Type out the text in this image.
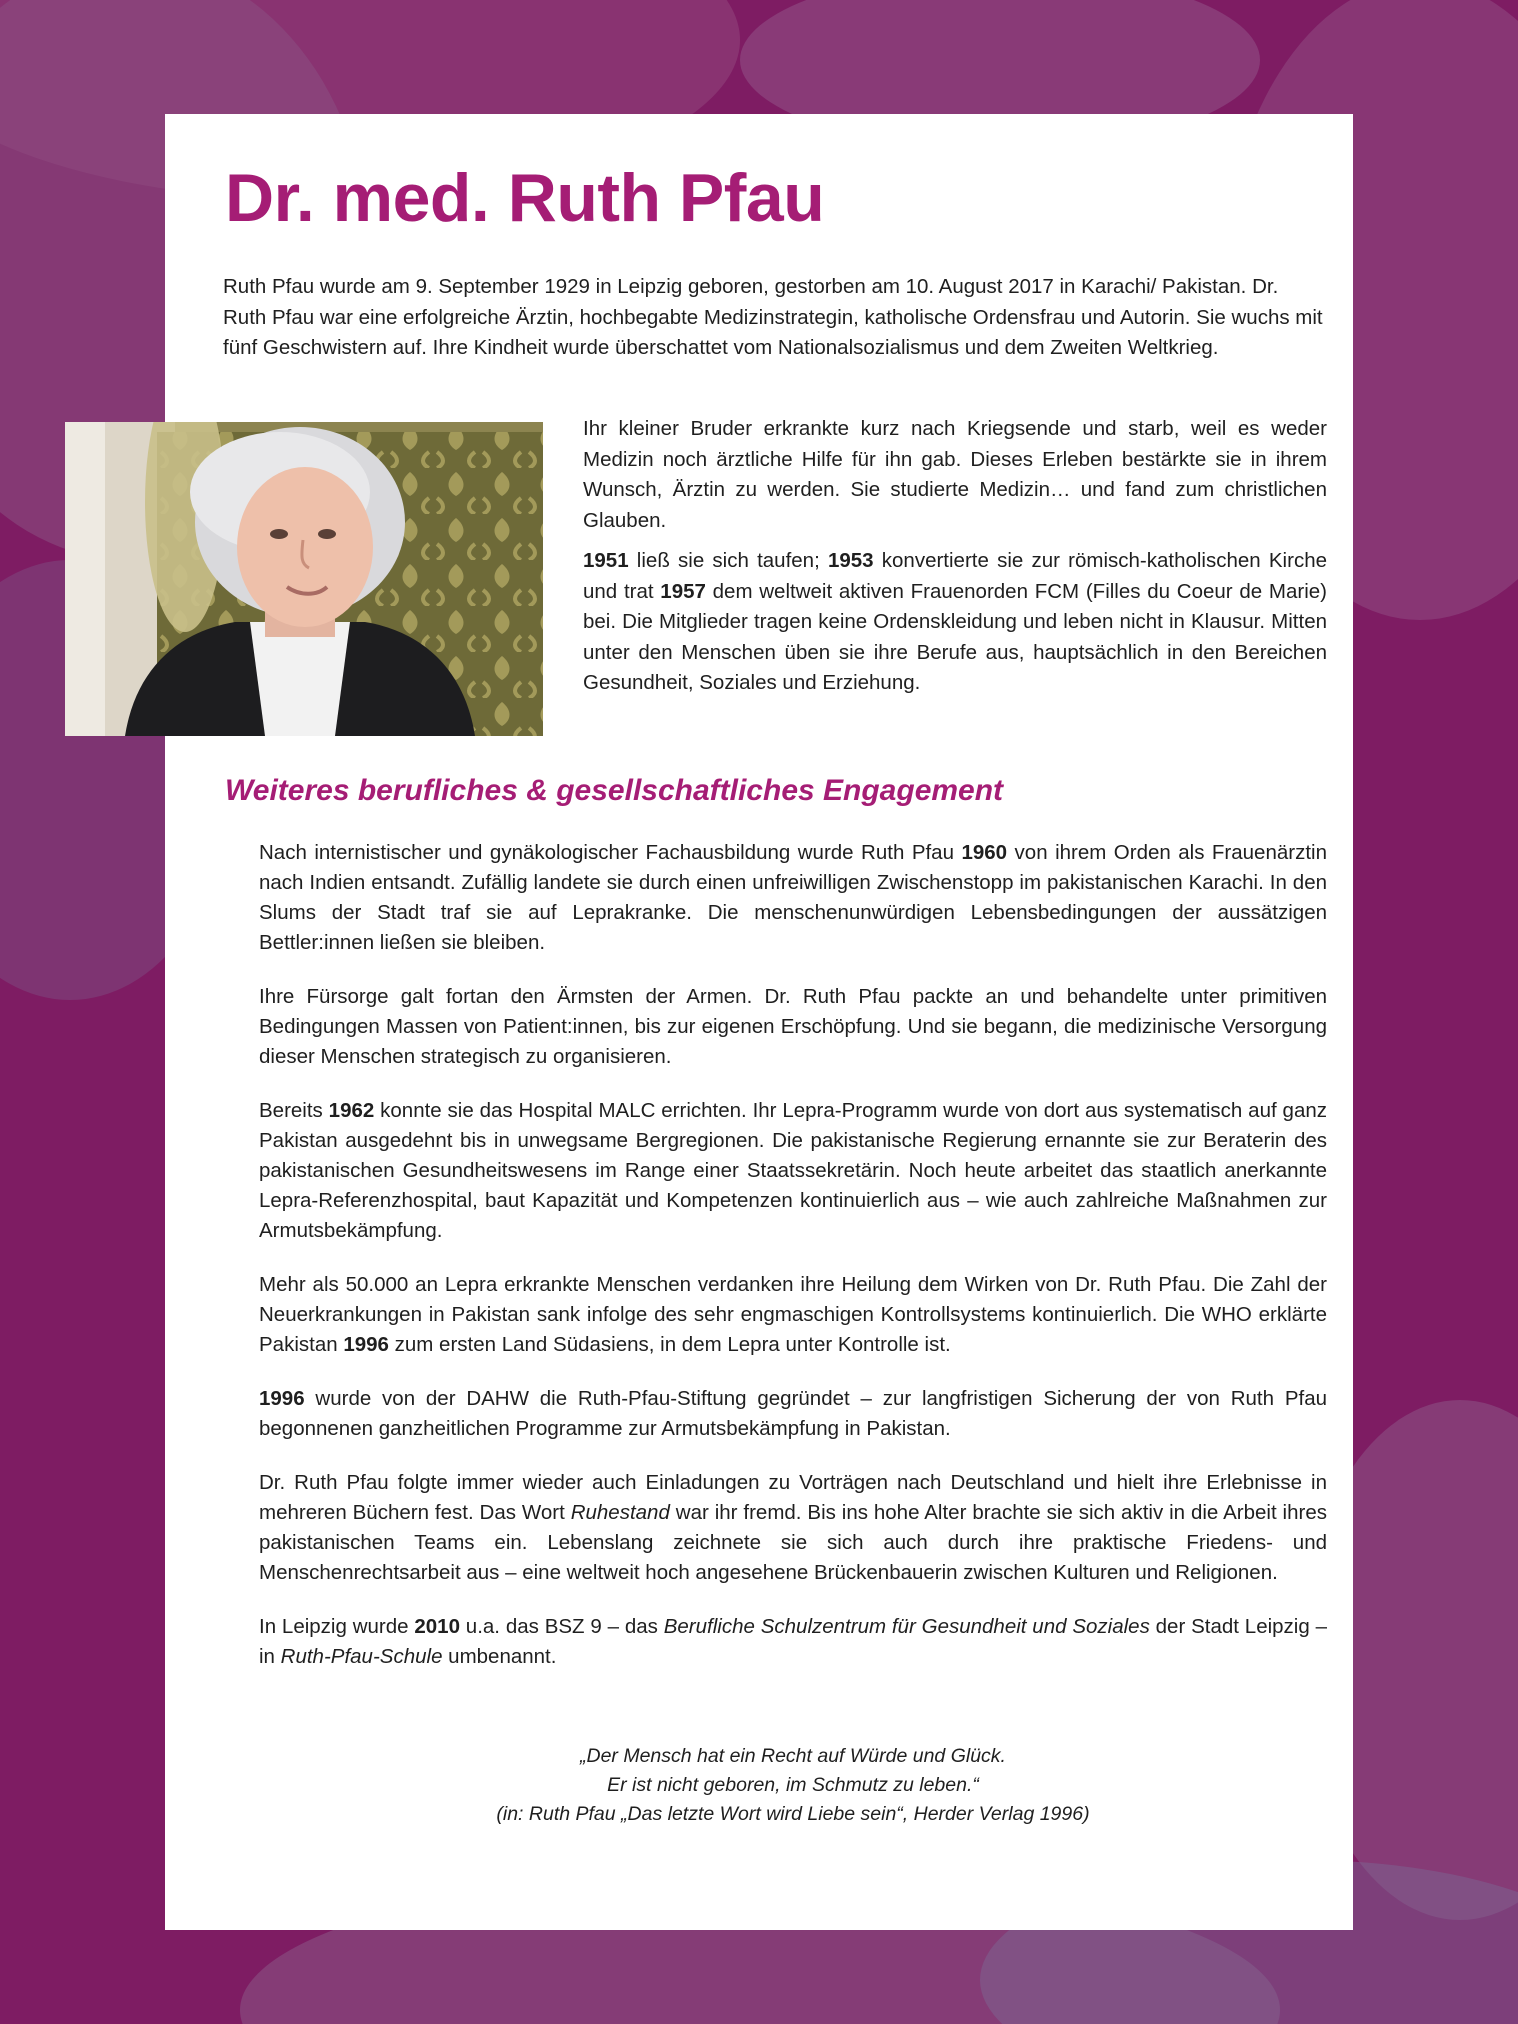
Dr. med. Ruth Pfau

Ruth Pfau wurde am 9. September 1929 in Leipzig geboren, gestorben am 10. August 2017 in Karachi/ Pakistan. Dr. Ruth Pfau war eine erfolgreiche Ärztin, hochbegabte Medizinstrategin, katholische Ordensfrau und Autorin. Sie wuchs mit fünf Geschwistern auf. Ihre Kindheit wurde überschattet vom Nationalsozialismus und dem Zweiten Weltkrieg.

Ihr kleiner Bruder erkrankte kurz nach Kriegsende und starb, weil es weder Medizin noch ärztliche Hilfe für ihn gab. Dieses Erleben bestärkte sie in ihrem Wunsch, Ärztin zu werden. Sie studierte Medizin… und fand zum christlichen Glauben.

1951 ließ sie sich taufen; 1953 konvertierte sie zur römisch-katholischen Kirche und trat 1957 dem weltweit aktiven Frauenorden FCM (Filles du Coeur de Marie) bei. Die Mitglieder tragen keine Ordenskleidung und leben nicht in Klausur. Mitten unter den Menschen üben sie ihre Berufe aus, hauptsächlich in den Bereichen Gesundheit, Soziales und Erziehung.

Weiteres berufliches & gesellschaftliches Engagement

Nach internistischer und gynäkologischer Fachausbildung wurde Ruth Pfau 1960 von ihrem Orden als Frauenärztin nach Indien entsandt. Zufällig landete sie durch einen unfreiwilligen Zwischenstopp im pakistanischen Karachi. In den Slums der Stadt traf sie auf Leprakranke. Die menschenunwürdigen Lebensbedingungen der aussätzigen Bettler:innen ließen sie bleiben.

Ihre Fürsorge galt fortan den Ärmsten der Armen. Dr. Ruth Pfau packte an und behandelte unter primitiven Bedingungen Massen von Patient:innen, bis zur eigenen Erschöpfung. Und sie begann, die medizinische Versorgung dieser Menschen strategisch zu organisieren.

Bereits 1962 konnte sie das Hospital MALC errichten. Ihr Lepra-Programm wurde von dort aus systematisch auf ganz Pakistan ausgedehnt bis in unwegsame Bergregionen. Die pakistanische Regierung ernannte sie zur Beraterin des pakistanischen Gesundheitswesens im Range einer Staatssekretärin. Noch heute arbeitet das staatlich anerkannte Lepra-Referenzhospital, baut Kapazität und Kompetenzen kontinuierlich aus – wie auch zahlreiche Maßnahmen zur Armutsbekämpfung.

Mehr als 50.000 an Lepra erkrankte Menschen verdanken ihre Heilung dem Wirken von Dr. Ruth Pfau. Die Zahl der Neuerkrankungen in Pakistan sank infolge des sehr engmaschigen Kontrollsystems kontinuierlich. Die WHO erklärte Pakistan 1996 zum ersten Land Südasiens, in dem Lepra unter Kontrolle ist.

1996 wurde von der DAHW die Ruth-Pfau-Stiftung gegründet – zur langfristigen Sicherung der von Ruth Pfau begonnenen ganzheitlichen Programme zur Armutsbekämpfung in Pakistan.

Dr. Ruth Pfau folgte immer wieder auch Einladungen zu Vorträgen nach Deutschland und hielt ihre Erlebnisse in mehreren Büchern fest. Das Wort Ruhestand war ihr fremd. Bis ins hohe Alter brachte sie sich aktiv in die Arbeit ihres pakistanischen Teams ein. Lebenslang zeichnete sie sich auch durch ihre praktische Friedens- und Menschenrechtsarbeit aus – eine weltweit hoch angesehene Brückenbauerin zwischen Kulturen und Religionen.

In Leipzig wurde 2010 u.a. das BSZ 9 – das Berufliche Schulzentrum für Gesundheit und Soziales der Stadt Leipzig – in Ruth-Pfau-Schule umbenannt.

„Der Mensch hat ein Recht auf Würde und Glück.
Er ist nicht geboren, im Schmutz zu leben.“
(in: Ruth Pfau „Das letzte Wort wird Liebe sein“, Herder Verlag 1996)
